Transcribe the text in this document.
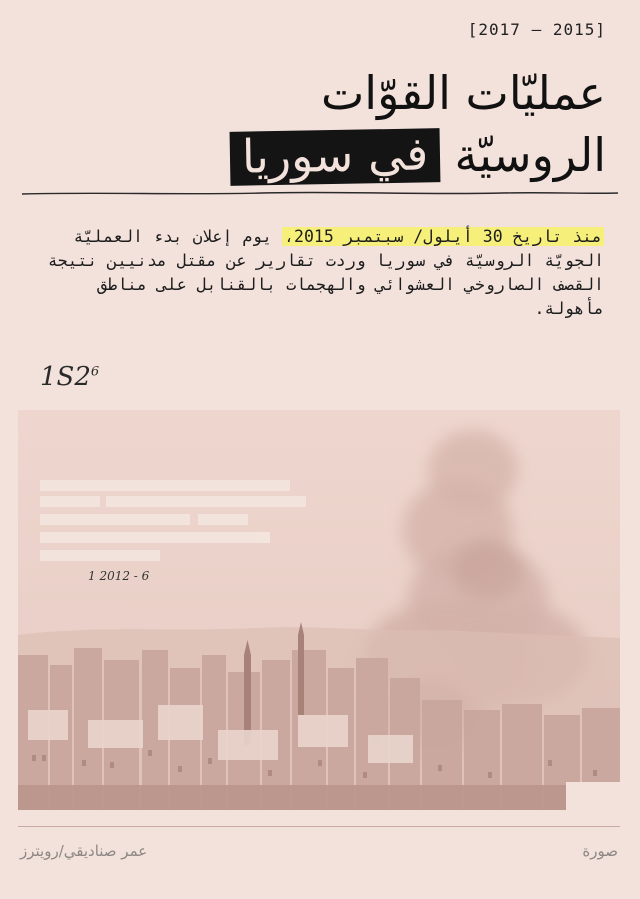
[2017 – 2015]
عمليّات القوّات
الروسيّة في سوريا

منذ تاريخ 30 أيلول/ سبتمبر 2015، يوم إعلان بدء العمليّة الجويّة الروسيّة في سوريا وردت تقارير عن مقتل مدنيين نتيجة القصف الصاروخي العشوائي والهجمات بالقنابل على مناطق مأهولة.

$1S2^6$
1 2012 - 6
صورة
عمر صناديقي/رويترز
